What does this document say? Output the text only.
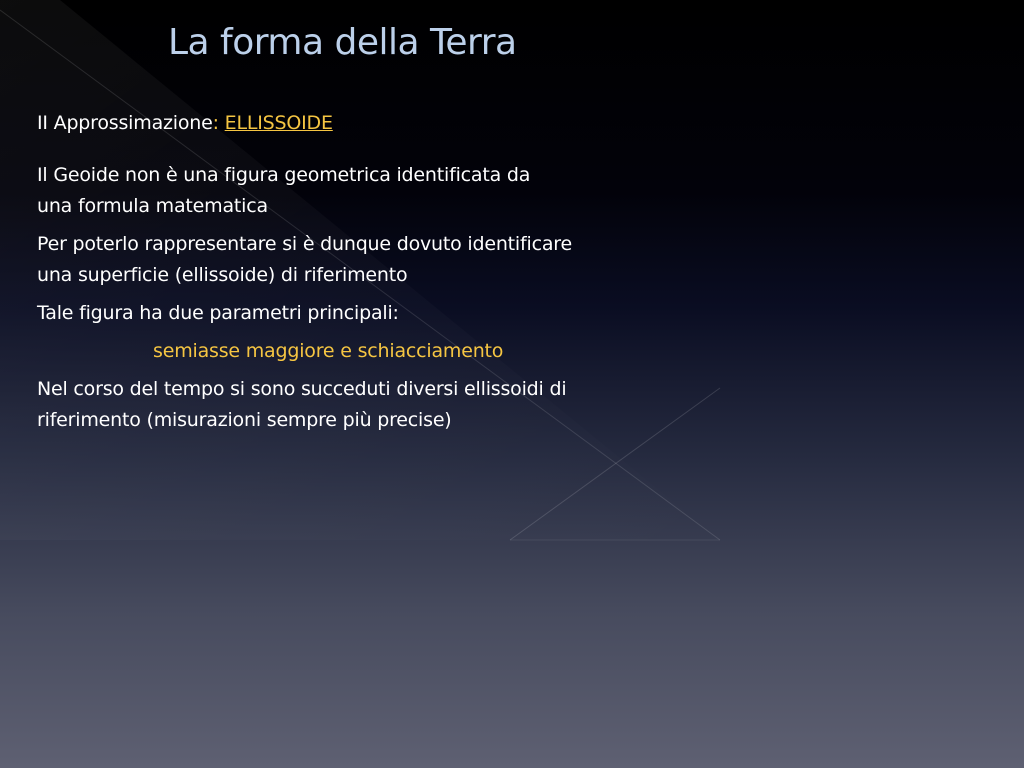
La forma della Terra
II Approssimazione: ELLISSOIDE
Il Geoide non è una figura geometrica identificata da
una formula matematica
Per poterlo rappresentare si è dunque dovuto identificare
una superficie (ellissoide) di riferimento
Tale figura ha due parametri principali:
semiasse maggiore e schiacciamento
Nel corso del tempo si sono succeduti diversi ellissoidi di
riferimento (misurazioni sempre più precise)
